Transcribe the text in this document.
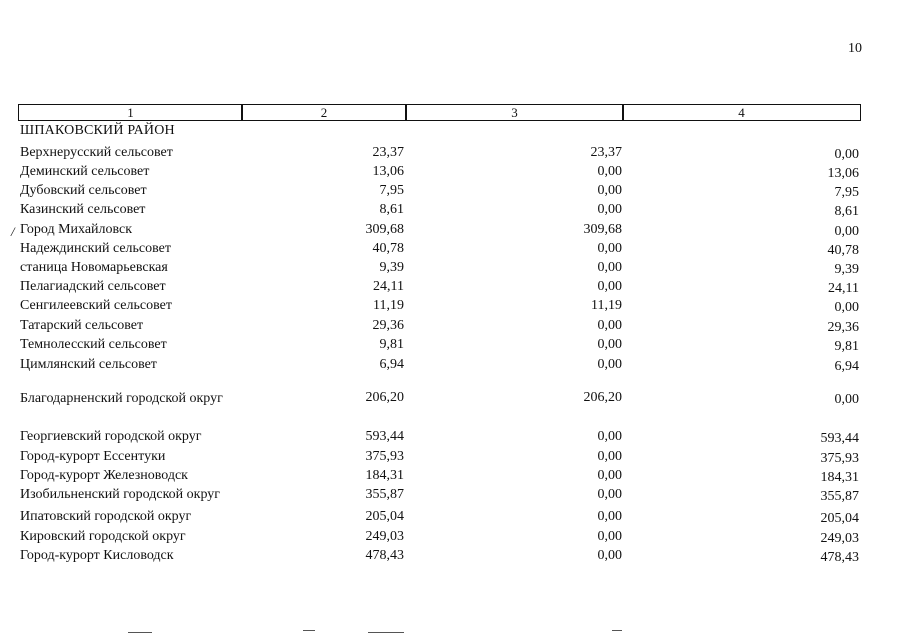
10
1	2	3	4
ШПАКОВСКИЙ РАЙОН
/
Верхнерусский сельсовет	23,37	23,37	0,00
Деминский сельсовет	13,06	0,00	13,06
Дубовский сельсовет	7,95	0,00	7,95
Казинский сельсовет	8,61	0,00	8,61
Город Михайловск	309,68	309,68	0,00
Надеждинский сельсовет	40,78	0,00	40,78
станица Новомарьевская	9,39	0,00	9,39
Пелагиадский сельсовет	24,11	0,00	24,11
Сенгилеевский сельсовет	11,19	11,19	0,00
Татарский сельсовет	29,36	0,00	29,36
Темнолесский сельсовет	9,81	0,00	9,81
Цимлянский сельсовет	6,94	0,00	6,94
Благодарненский городской округ	206,20	206,20	0,00
Георгиевский городской округ	593,44	0,00	593,44
Город-курорт Ессентуки	375,93	0,00	375,93
Город-курорт Железноводск	184,31	0,00	184,31
Изобильненский городской округ	355,87	0,00	355,87
Ипатовский городской округ	205,04	0,00	205,04
Кировский городской округ	249,03	0,00	249,03
Город-курорт Кисловодск	478,43	0,00	478,43
